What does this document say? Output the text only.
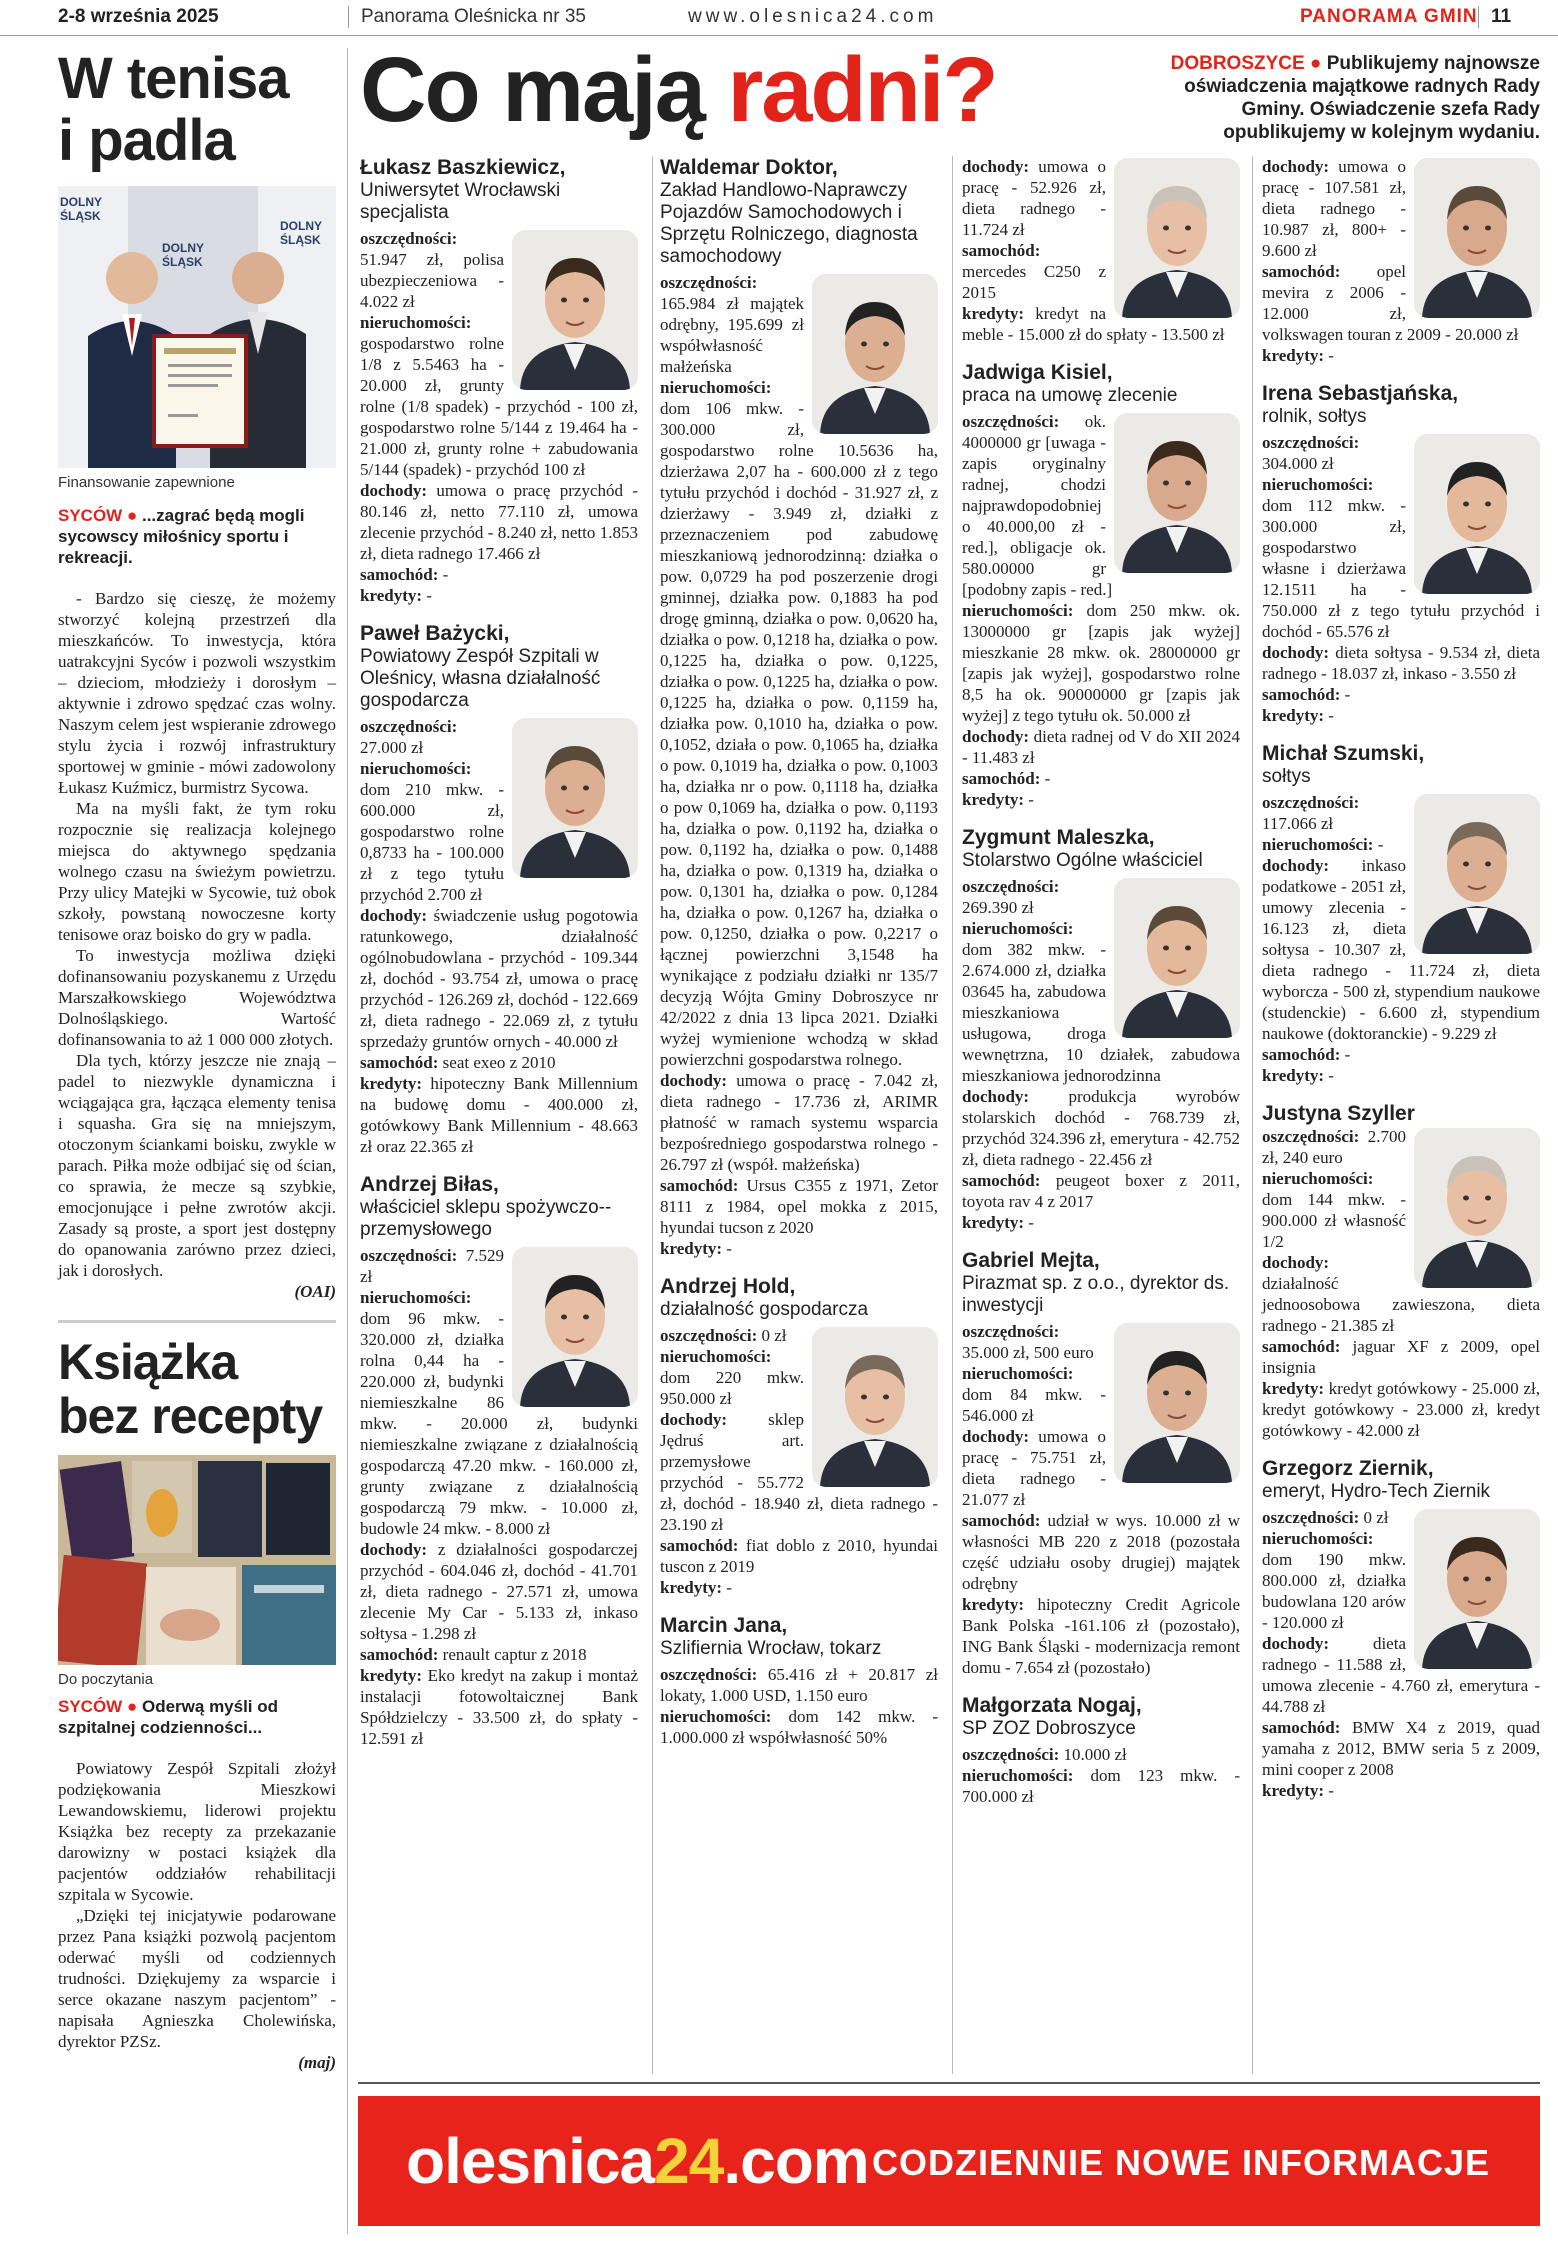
2-8 września 2025	Panorama Oleśnicka nr 35	www.olesnica24.com	PANORAMA GMIN 11
W tenisa
i padla
DOLNY
ŚLĄSK
DOLNY
ŚLĄSK
DOLNY
ŚLĄSK
Finansowanie zapewnione
SYCÓW ● ...zagrać będą mogli sycowscy miłośnicy sportu i rekreacji.

- Bardzo się cieszę, że możemy stworzyć kolejną przestrzeń dla mieszkańców. To inwestycja, która uatrakcyjni Syców i pozwoli wszystkim – dzieciom, młodzieży i dorosłym – aktywnie i zdrowo spędzać czas wolny. Naszym celem jest wspieranie zdrowego stylu życia i rozwój infrastruktury sportowej w gminie - mówi zadowolony Łukasz Kuźmicz, burmistrz Sycowa.

Ma na myśli fakt, że tym roku rozpocznie się realizacja kolejnego miejsca do aktywnego spędzania wolnego czasu na świeżym powietrzu. Przy ulicy Matejki w Sycowie, tuż obok szkoły, powstaną nowoczesne korty tenisowe oraz boisko do gry w padla.

To inwestycja możliwa dzięki dofinansowaniu pozyskanemu z Urzędu Marszałkowskiego Województwa Dolnośląskiego. Wartość dofinansowania to aż 1 000 000 złotych.

Dla tych, którzy jeszcze nie znają – padel to niezwykle dynamiczna i wciągająca gra, łącząca elementy tenisa i squasha. Gra się na mniejszym, otoczonym ściankami boisku, zwykle w parach. Piłka może odbijać się od ścian, co sprawia, że mecze są szybkie, emocjonujące i pełne zwrotów akcji. Zasady są proste, a sport jest dostępny do opanowania zarówno przez dzieci, jak i dorosłych.

(OAI)
Książka
bez recepty
Do poczytania
SYCÓW ● Oderwą myśli od szpitalnej codzienności...

Powiatowy Zespół Szpitali złożył podziękowania Mieszkowi Lewandowskiemu, liderowi projektu Książka bez recepty za przekazanie darowizny w postaci książek dla pacjentów oddziałów rehabilitacji szpitala w Sycowie.

„Dzięki tej inicjatywie podarowane przez Pana książki pozwolą pacjentom oderwać myśli od codziennych trudności. Dziękujemy za wsparcie i serce okazane naszym pacjentom” - napisała Agnieszka Cholewińska, dyrektor PZSz.

(maj)
Co mają radni?	DOBROSZYCE ● Publikujemy najnowsze oświadczenia majątkowe radnych Rady Gminy. Oświadczenie szefa Rady opublikujemy w kolejnym wydaniu.
Łukasz Baszkiewicz,
Uniwersytet Wrocławski specjalista
oszczędności: 51.947 zł, polisa ubezpieczeniowa - 4.022 zł
nieruchomości: gospodarstwo rolne 1/8 z 5.5463 ha - 20.000 zł, grunty rolne (1/8 spadek) - przychód - 100 zł, gospodarstwo rolne 5/144 z 19.464 ha - 21.000 zł, grunty rolne + zabudowania 5/144 (spadek) - przychód 100 zł
dochody: umowa o pracę przychód - 80.146 zł, netto 77.110 zł, umowa zlecenie przychód - 8.240 zł, netto 1.853 zł, dieta radnego 17.466 zł
samochód: -
kredyty: -
Paweł Bażycki,
Powiatowy Zespół Szpitali w Oleśnicy, własna działalność gospodarcza
oszczędności: 27.000 zł
nieruchomości: dom 210 mkw. - 600.000 zł, gospodarstwo rolne 0,8733 ha - 100.000 zł z tego tytułu przychód 2.700 zł
dochody: świadczenie usług pogotowia ratunkowego, działalność ogólnobudowlana - przychód - 109.344 zł, dochód - 93.754 zł, umowa o pracę przychód - 126.269 zł, dochód - 122.669 zł, dieta radnego - 22.069 zł, z tytułu sprzedaży gruntów ornych - 40.000 zł
samochód: seat exeo z 2010
kredyty: hipoteczny Bank Millennium na budowę domu - 400.000 zł, gotówkowy Bank Millennium - 48.663 zł oraz 22.365 zł
Andrzej Biłas,
właściciel sklepu spożywczo--przemysłowego
oszczędności: 7.529 zł
nieruchomości: dom 96 mkw. - 320.000 zł, działka rolna 0,44 ha - 220.000 zł, budynki niemieszkalne 86 mkw. - 20.000 zł, budynki niemieszkalne związane z działalnością gospodarczą 47.20 mkw. - 160.000 zł, grunty związane z działalnością gospodarczą 79 mkw. - 10.000 zł, budowle 24 mkw. - 8.000 zł
dochody: z działalności gospodarczej przychód - 604.046 zł, dochód - 41.701 zł, dieta radnego - 27.571 zł, umowa zlecenie My Car - 5.133 zł, inkaso sołtysa - 1.298 zł
samochód: renault captur z 2018
kredyty: Eko kredyt na zakup i montaż instalacji fotowoltaicznej Bank Spółdzielczy - 33.500 zł, do spłaty - 12.591 zł
Waldemar Doktor,
Zakład Handlowo-Naprawczy Pojazdów Samochodowych i Sprzętu Rolniczego, diagnosta samochodowy
oszczędności: 165.984 zł majątek odrębny, 195.699 zł współwłasność małżeńska
nieruchomości: dom 106 mkw. - 300.000 zł, gospodarstwo rolne 10.5636 ha, dzierżawa 2,07 ha - 600.000 zł z tego tytułu przychód i dochód - 31.927 zł, z dzierżawy - 3.949 zł, działki z przeznaczeniem pod zabudowę mieszkaniową jednorodzinną: działka o pow. 0,0729 ha pod poszerzenie drogi gminnej, działka pow. 0,1883 ha pod drogę gminną, działka o pow. 0,0620 ha, działka o pow. 0,1218 ha, działka o pow. 0,1225 ha, działka o pow. 0,1225, działka o pow. 0,1225 ha, działka o pow. 0,1225 ha, działka o pow. 0,1159 ha, działka pow. 0,1010 ha, działka o pow. 0,1052, działa o pow. 0,1065 ha, działka o pow. 0,1019 ha, działka o pow. 0,1003 ha, działka nr o pow. 0,1118 ha, działka o pow 0,1069 ha, działka o pow. 0,1193 ha, działka o pow. 0,1192 ha, działka o pow. 0,1192 ha, działka o pow. 0,1488 ha, działka o pow. 0,1319 ha, działka o pow. 0,1301 ha, działka o pow. 0,1284 ha, działka o pow. 0,1267 ha, działka o pow. 0,1250, działka o pow. 0,2217 o łącznej powierzchni 3,1548 ha wynikające z podziału działki nr 135/7 decyzją Wójta Gminy Dobroszyce nr 42/2022 z dnia 13 lipca 2021. Działki wyżej wymienione wchodzą w skład powierzchni gospodarstwa rolnego.
dochody: umowa o pracę - 7.042 zł, dieta radnego - 17.736 zł, ARIMR płatność w ramach systemu wsparcia bezpośredniego gospodarstwa rolnego - 26.797 zł (współ. małżeńska)
samochód: Ursus C355 z 1971, Zetor 8111 z 1984, opel mokka z 2015, hyundai tucson z 2020
kredyty: -
Andrzej Hold,
działalność gospodarcza
oszczędności: 0 zł
nieruchomości: dom 220 mkw. 950.000 zł
dochody: sklep Jędruś art. przemysłowe przychód - 55.772 zł, dochód - 18.940 zł, dieta radnego - 23.190 zł
samochód: fiat doblo z 2010, hyundai tuscon z 2019
kredyty: -
Marcin Jana,
Szlifiernia Wrocław, tokarz
oszczędności: 65.416 zł + 20.817 zł lokaty, 1.000 USD, 1.150 euro
nieruchomości: dom 142 mkw. - 1.000.000 zł współwłasność 50%
dochody: umowa o pracę - 52.926 zł, dieta radnego - 11.724 zł
samochód: mercedes C250 z 2015
kredyty: kredyt na meble - 15.000 zł do spłaty - 13.500 zł
Jadwiga Kisiel,
praca na umowę zlecenie
oszczędności: ok. 4000000 gr [uwaga - zapis oryginalny radnej, chodzi najprawdopodobniej o 40.000,00 zł - red.], obligacje ok. 580.00000 gr [podobny zapis - red.]
nieruchomości: dom 250 mkw. ok. 13000000 gr [zapis jak wyżej] mieszkanie 28 mkw. ok. 28000000 gr [zapis jak wyżej], gospodarstwo rolne 8,5 ha ok. 90000000 gr [zapis jak wyżej] z tego tytułu ok. 50.000 zł
dochody: dieta radnej od V do XII 2024 - 11.483 zł
samochód: -
kredyty: -
Zygmunt Maleszka,
Stolarstwo Ogólne właściciel
oszczędności: 269.390 zł
nieruchomości: dom 382 mkw. - 2.674.000 zł, działka 03645 ha, zabudowa mieszkaniowa usługowa, droga wewnętrzna, 10 działek, zabudowa mieszkaniowa jednorodzinna
dochody: produkcja wyrobów stolarskich dochód - 768.739 zł, przychód 324.396 zł, emerytura - 42.752 zł, dieta radnego - 22.456 zł
samochód: peugeot boxer z 2011, toyota rav 4 z 2017
kredyty: -
Gabriel Mejta,
Pirazmat sp. z o.o., dyrektor ds. inwestycji
oszczędności: 35.000 zł, 500 euro
nieruchomości: dom 84 mkw. - 546.000 zł
dochody: umowa o pracę - 75.751 zł, dieta radnego - 21.077 zł
samochód: udział w wys. 10.000 zł w własności MB 220 z 2018 (pozostała część udziału osoby drugiej) majątek odrębny
kredyty: hipoteczny Credit Agricole Bank Polska -161.106 zł (pozostało), ING Bank Śląski - modernizacja remont domu - 7.654 zł (pozostało)
Małgorzata Nogaj,
SP ZOZ Dobroszyce
oszczędności: 10.000 zł
nieruchomości: dom 123 mkw. - 700.000 zł
dochody: umowa o pracę - 107.581 zł, dieta radnego - 10.987 zł, 800+ - 9.600 zł
samochód: opel mevira z 2006 - 12.000 zł, volkswagen touran z 2009 - 20.000 zł
kredyty: -
Irena Sebastjańska,
rolnik, sołtys
oszczędności: 304.000 zł
nieruchomości: dom 112 mkw. - 300.000 zł, gospodarstwo własne i dzierżawa 12.1511 ha - 750.000 zł z tego tytułu przychód i dochód - 65.576 zł
dochody: dieta sołtysa - 9.534 zł, dieta radnego - 18.037 zł, inkaso - 3.550 zł
samochód: -
kredyty: -
Michał Szumski,
sołtys
oszczędności: 117.066 zł
nieruchomości: -
dochody: inkaso podatkowe - 2051 zł, umowy zlecenia - 16.123 zł, dieta sołtysa - 10.307 zł, dieta radnego - 11.724 zł, dieta wyborcza - 500 zł, stypendium naukowe (studenckie) - 6.600 zł, stypendium naukowe (doktoranckie) - 9.229 zł
samochód: -
kredyty: -
Justyna Szyller
oszczędności: 2.700 zł, 240 euro
nieruchomości: dom 144 mkw. - 900.000 zł własność 1/2
dochody: działalność jednoosobowa zawieszona, dieta radnego - 21.385 zł
samochód: jaguar XF z 2009, opel insignia
kredyty: kredyt gotówkowy - 25.000 zł, kredyt gotówkowy - 23.000 zł, kredyt gotówkowy - 42.000 zł
Grzegorz Ziernik,
emeryt, Hydro-Tech Ziernik
oszczędności: 0 zł
nieruchomości: dom 190 mkw. 800.000 zł, działka budowlana 120 arów - 120.000 zł
dochody: dieta radnego - 11.588 zł, umowa zlecenie - 4.760 zł, emerytura - 44.788 zł
samochód: BMW X4 z 2019, quad yamaha z 2012, BMW seria 5 z 2009, mini cooper z 2008
kredyty: -
olesnica24.com CODZIENNIE NOWE INFORMACJE
